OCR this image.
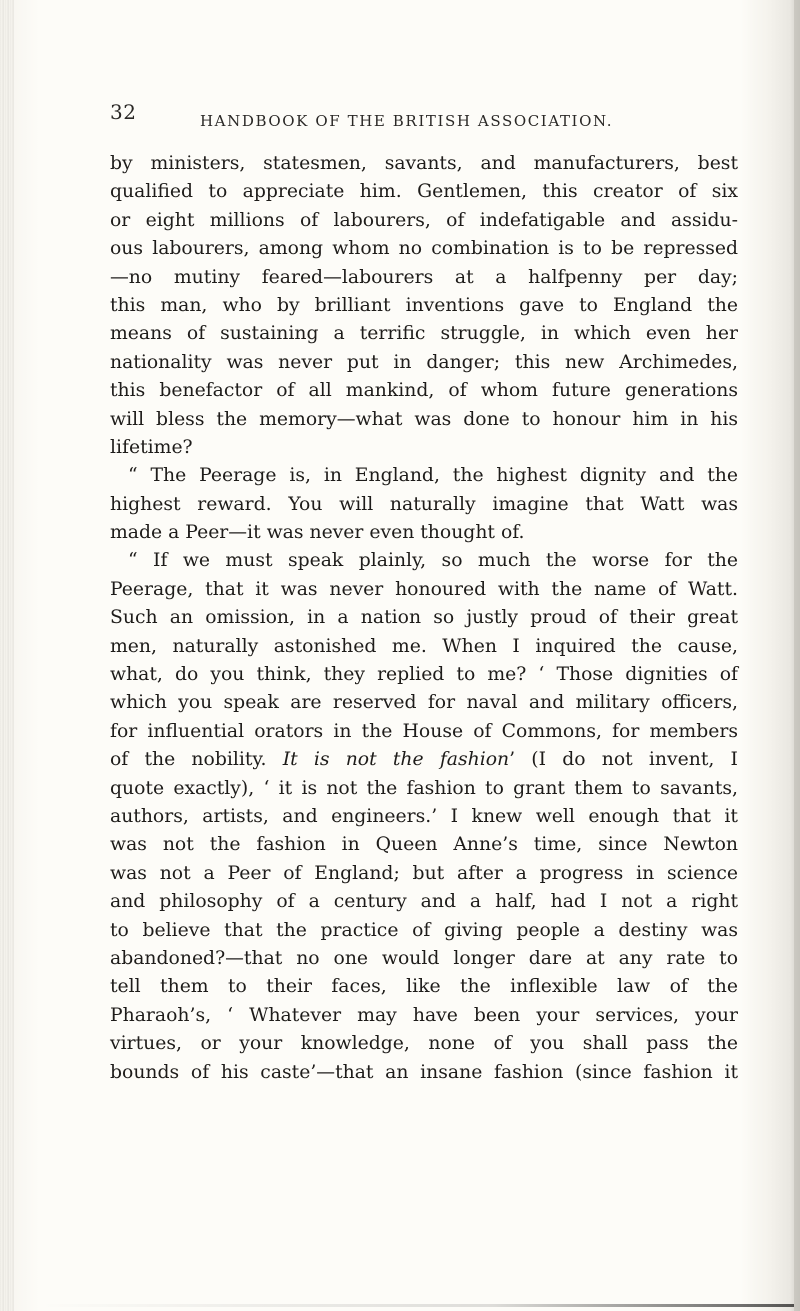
32	HANDBOOK OF THE BRITISH ASSOCIATION.
by ministers, statesmen, savants, and manufacturers, best
qualified to appreciate him. Gentlemen, this creator of six
or eight millions of labourers, of indefatigable and assidu-
ous labourers, among whom no combination is to be repressed
—no mutiny feared—labourers at a halfpenny per day;
this man, who by brilliant inventions gave to England the
means of sustaining a terrific struggle, in which even her
nationality was never put in danger; this new Archimedes,
this benefactor of all mankind, of whom future generations
will bless the memory—what was done to honour him in his
lifetime?
“ The Peerage is, in England, the highest dignity and the
highest reward. You will naturally imagine that Watt was
made a Peer—it was never even thought of.
“ If we must speak plainly, so much the worse for the
Peerage, that it was never honoured with the name of Watt.
Such an omission, in a nation so justly proud of their great
men, naturally astonished me. When I inquired the cause,
what, do you think, they replied to me? ‘ Those dignities of
which you speak are reserved for naval and military officers,
for influential orators in the House of Commons, for members
of the nobility. It is not the fashion’ (I do not invent, I
quote exactly), ‘ it is not the fashion to grant them to savants,
authors, artists, and engineers.’ I knew well enough that it
was not the fashion in Queen Anne’s time, since Newton
was not a Peer of England; but after a progress in science
and philosophy of a century and a half, had I not a right
to believe that the practice of giving people a destiny was
abandoned?—that no one would longer dare at any rate to
tell them to their faces, like the inflexible law of the
Pharaoh’s, ‘ Whatever may have been your services, your
virtues, or your knowledge, none of you shall pass the
bounds of his caste’—that an insane fashion (since fashion it
